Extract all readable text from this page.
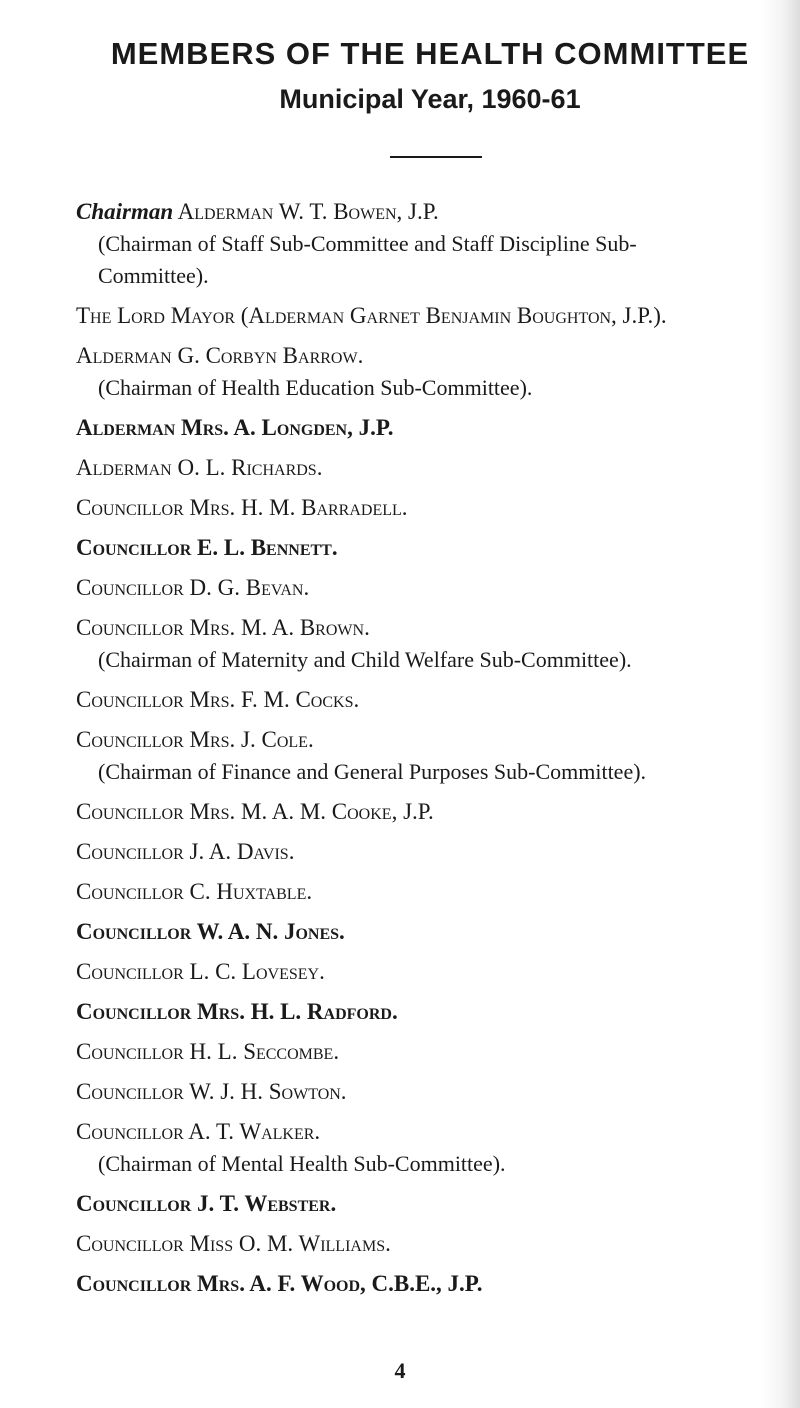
MEMBERS OF THE HEALTH COMMITTEE
Municipal Year, 1960-61
Chairman Alderman W. T. Bowen, J.P.
(Chairman of Staff Sub-Committee and Staff Discipline Sub-
Committee).
The Lord Mayor (Alderman Garnet Benjamin Boughton, J.P.).
Alderman G. Corbyn Barrow.
(Chairman of Health Education Sub-Committee).
Alderman Mrs. A. Longden, J.P.
Alderman O. L. Richards.
Councillor Mrs. H. M. Barradell.
Councillor E. L. Bennett.
Councillor D. G. Bevan.
Councillor Mrs. M. A. Brown.
(Chairman of Maternity and Child Welfare Sub-Committee).
Councillor Mrs. F. M. Cocks.
Councillor Mrs. J. Cole.
(Chairman of Finance and General Purposes Sub-Committee).
Councillor Mrs. M. A. M. Cooke, J.P.
Councillor J. A. Davis.
Councillor C. Huxtable.
Councillor W. A. N. Jones.
Councillor L. C. Lovesey.
Councillor Mrs. H. L. Radford.
Councillor H. L. Seccombe.
Councillor W. J. H. Sowton.
Councillor A. T. Walker.
(Chairman of Mental Health Sub-Committee).
Councillor J. T. Webster.
Councillor Miss O. M. Williams.
Councillor Mrs. A. F. Wood, C.B.E., J.P.
4
